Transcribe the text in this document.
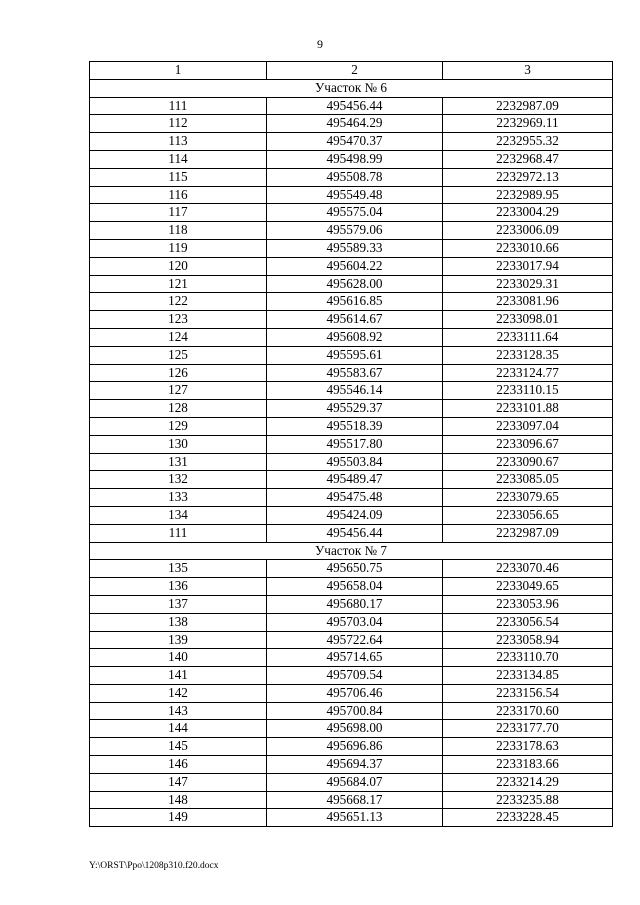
9
1	2	3
Участок № 6		
111	495456.44	2232987.09
112	495464.29	2232969.11
113	495470.37	2232955.32
114	495498.99	2232968.47
115	495508.78	2232972.13
116	495549.48	2232989.95
117	495575.04	2233004.29
118	495579.06	2233006.09
119	495589.33	2233010.66
120	495604.22	2233017.94
121	495628.00	2233029.31
122	495616.85	2233081.96
123	495614.67	2233098.01
124	495608.92	2233111.64
125	495595.61	2233128.35
126	495583.67	2233124.77
127	495546.14	2233110.15
128	495529.37	2233101.88
129	495518.39	2233097.04
130	495517.80	2233096.67
131	495503.84	2233090.67
132	495489.47	2233085.05
133	495475.48	2233079.65
134	495424.09	2233056.65
111	495456.44	2232987.09
Участок № 7		
135	495650.75	2233070.46
136	495658.04	2233049.65
137	495680.17	2233053.96
138	495703.04	2233056.54
139	495722.64	2233058.94
140	495714.65	2233110.70
141	495709.54	2233134.85
142	495706.46	2233156.54
143	495700.84	2233170.60
144	495698.00	2233177.70
145	495696.86	2233178.63
146	495694.37	2233183.66
147	495684.07	2233214.29
148	495668.17	2233235.88
149	495651.13	2233228.45
Y:\ORST\Ppo\1208p310.f20.docx
